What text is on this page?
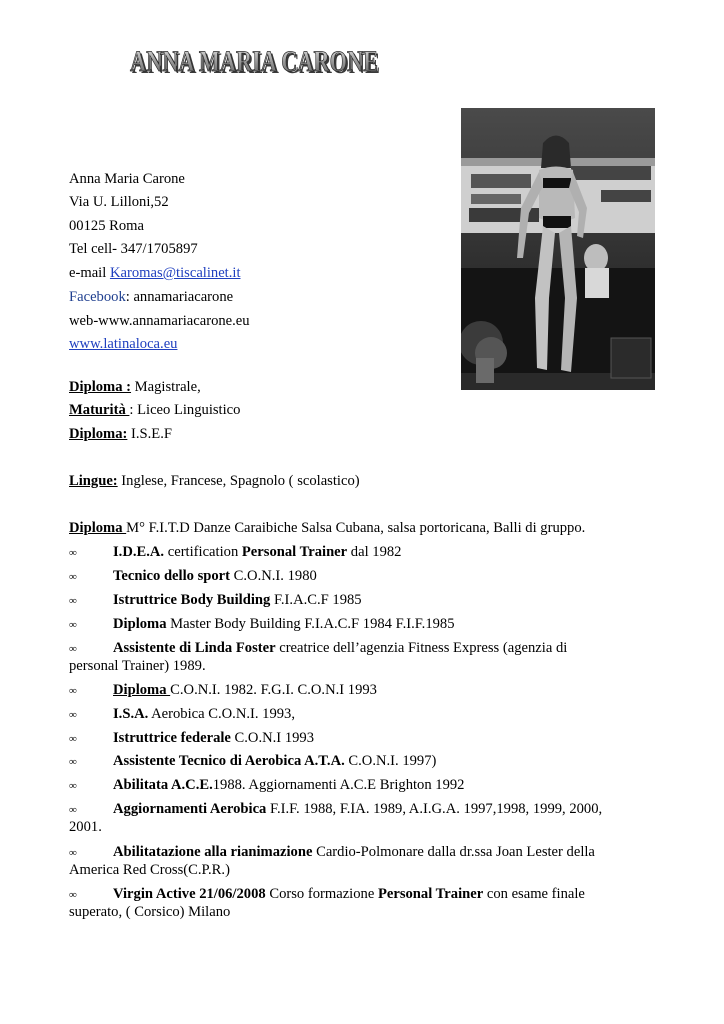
ANNA MARIA CARONE
ANNA MARIA CARONE
Anna Maria Carone
Via U. Lilloni,52
00125 Roma
Tel cell- 347/1705897
e-mail Karomas@tiscalinet.it
Facebook: annamariacarone
web-www.annamariacarone.eu
www.latinaloca.eu
Diploma : Magistrale,
Maturità : Liceo Linguistico
Diploma: I.S.E.F
Lingue: Inglese, Francese, Spagnolo ( scolastico)
Diploma M° F.I.T.D Danze Caraibiche Salsa Cubana, salsa portoricana, Balli di gruppo.
∞ I.D.E.A. certification Personal Trainer dal 1982
∞ Tecnico dello sport C.O.N.I. 1980
∞ Istruttrice Body Building F.I.A.C.F 1985
∞ Diploma Master Body Building F.I.A.C.F 1984 F.I.F.1985
∞ Assistente di Linda Foster creatrice dell’agenzia Fitness Express (agenzia di
personal Trainer) 1989.
∞ Diploma C.O.N.I. 1982. F.G.I. C.O.N.I 1993
∞ I.S.A. Aerobica C.O.N.I. 1993,
∞ Istruttrice federale C.O.N.I 1993
∞ Assistente Tecnico di Aerobica A.T.A. C.O.N.I. 1997)
∞ Abilitata A.C.E.1988. Aggiornamenti A.C.E Brighton 1992
∞ Aggiornamenti Aerobica F.I.F. 1988, F.IA. 1989, A.I.G.A. 1997,1998, 1999, 2000,
2001.
∞ Abilitatazione alla rianimazione Cardio-Polmonare dalla dr.ssa Joan Lester della
America Red Cross(C.P.R.)
∞ Virgin Active 21/06/2008 Corso formazione Personal Trainer con esame finale
superato, ( Corsico) Milano
